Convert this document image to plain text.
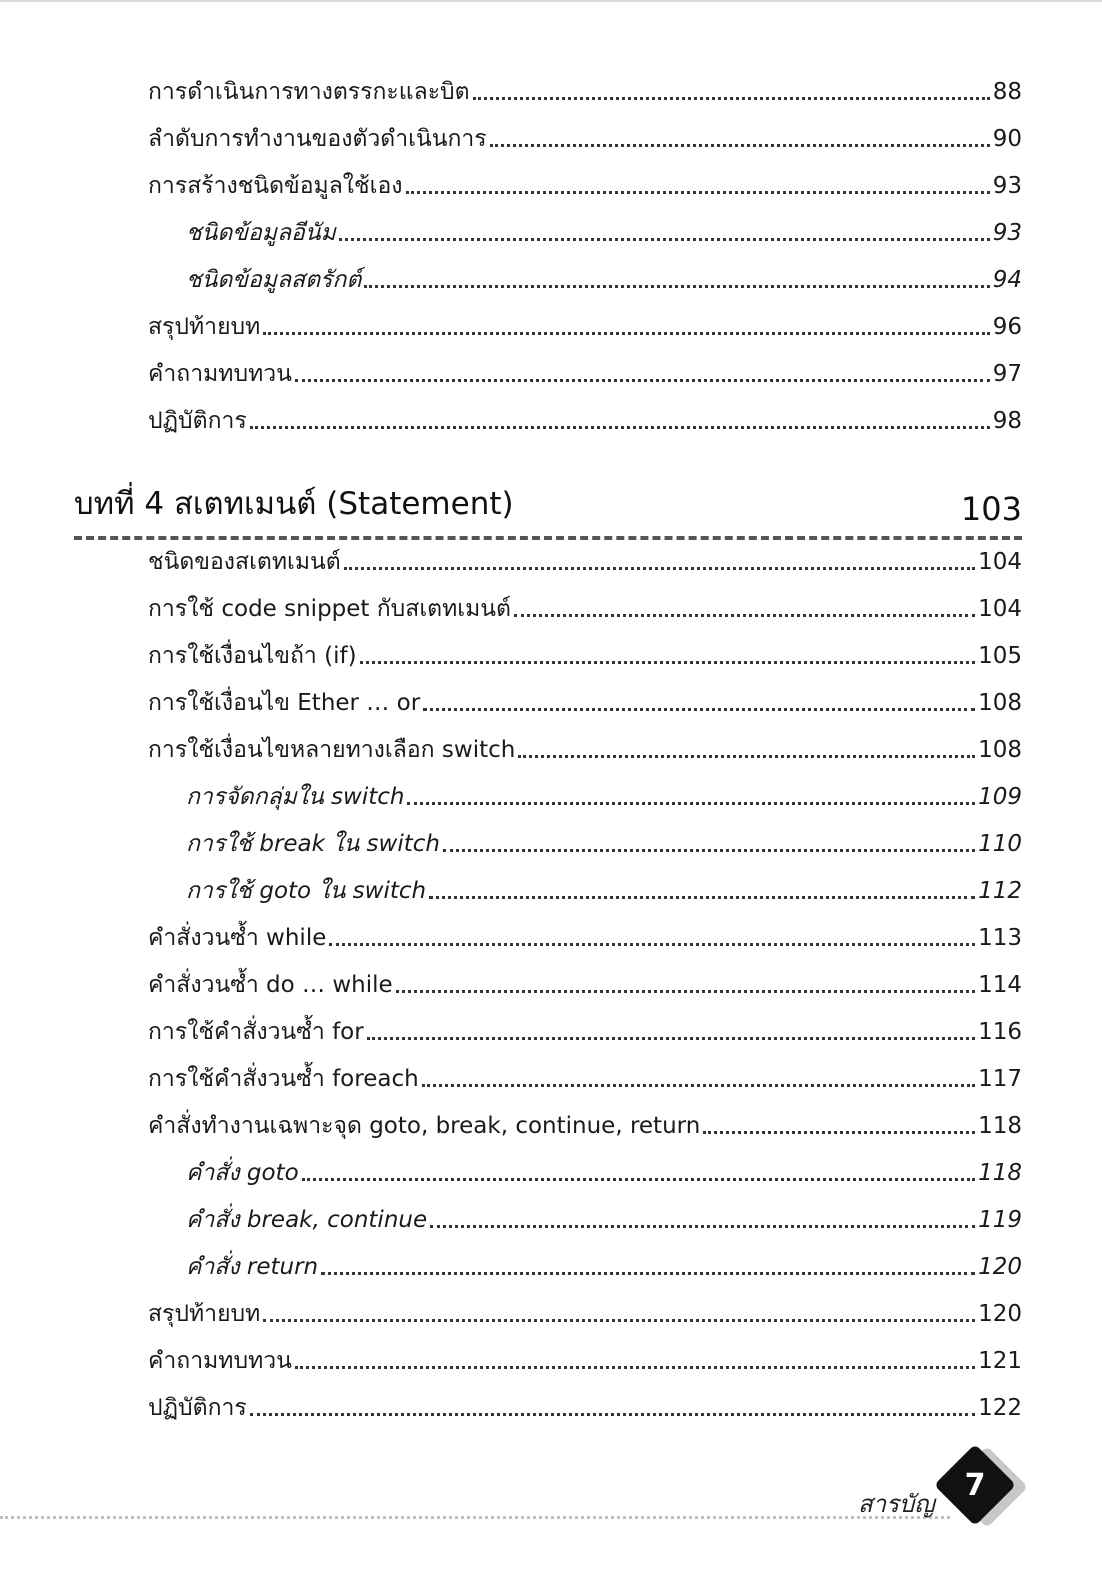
การดำเนินการทางตรรกะและบิต	88
ลำดับการทำงานของตัวดำเนินการ	90
การสร้างชนิดข้อมูลใช้เอง	93
ชนิดข้อมูลอีนัม	93
ชนิดข้อมูลสตรักต์	94
สรุปท้ายบท	96
คำถามทบทวน	97
ปฏิบัติการ	98
บทที่ 4 สเตทเมนต์ (Statement)	103
ชนิดของสเตทเมนต์	104
การใช้ code snippet กับสเตทเมนต์	104
การใช้เงื่อนไขถ้า (if)	105
การใช้เงื่อนไข Ether … or	108
การใช้เงื่อนไขหลายทางเลือก switch	108
การจัดกลุ่มใน switch	109
การใช้ break ใน switch	110
การใช้ goto ใน switch	112
คำสั่งวนซ้ำ while	113
คำสั่งวนซ้ำ do … while	114
การใช้คำสั่งวนซ้ำ for	116
การใช้คำสั่งวนซ้ำ foreach	117
คำสั่งทำงานเฉพาะจุด goto, break, continue, return	118
คำสั่ง goto	118
คำสั่ง break, continue	119
คำสั่ง return	120
สรุปท้ายบท	120
คำถามทบทวน	121
ปฏิบัติการ	122
สารบัญ
7
